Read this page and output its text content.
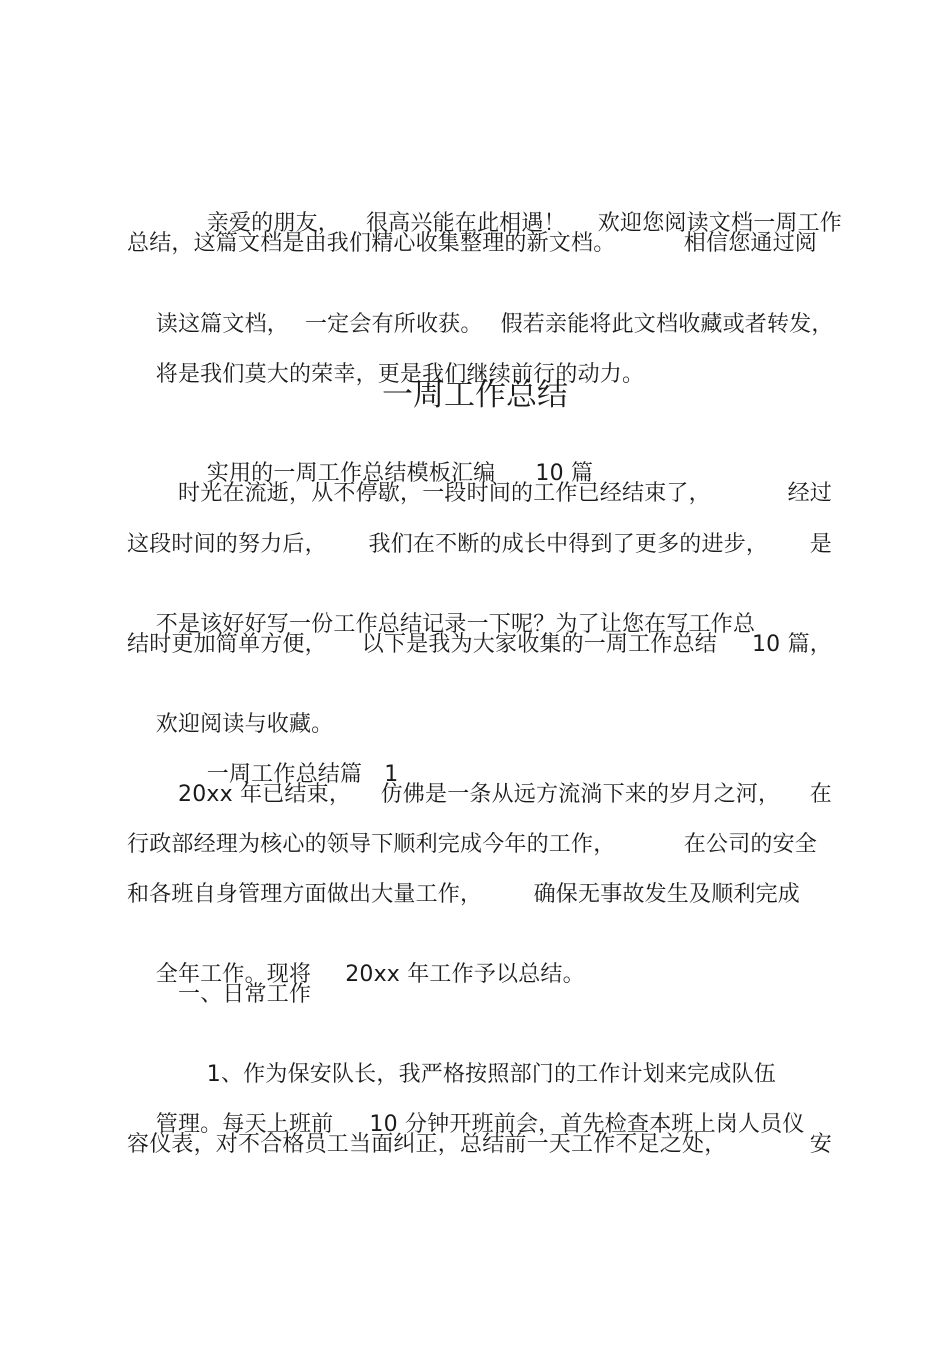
亲爱的朋友， 很高兴能在此相遇！ 欢迎您阅读文档一周工作

总结，这篇文档是由我们精心收集整理的新文档。	相信您通过阅

读这篇文档， 一定会有所收获。 假若亲能将此文档收藏或者转发，

将是我们莫大的荣幸，更是我们继续前行的动力。

一周工作总结

实用的一周工作总结模板汇编 10 篇

时光在流逝，从不停歇，一段时间的工作已经结束了，	经过
这段时间的努力后， 我们在不断的成长中得到了更多的进步， 是

不是该好好写一份工作总结记录一下呢？为了让您在写工作总

结时更加简单方便， 以下是我为大家收集的一周工作总结 10 篇，

欢迎阅读与收藏。

一周工作总结篇 1

20xx 年已结束， 仿佛是一条从远方流淌下来的岁月之河， 在
行政部经理为核心的领导下顺利完成今年的工作，	在公司的安全
和各班自身管理方面做出大量工作， 确保无事故发生及顺利完成

全年工作。现将 20xx 年工作予以总结。

一、日常工作

1、作为保安队长，我严格按照部门的工作计划来完成队伍

管理。每天上班前 10 分钟开班前会，首先检查本班上岗人员仪

容仪表，对不合格员工当面纠正，总结前一天工作不足之处，	安
